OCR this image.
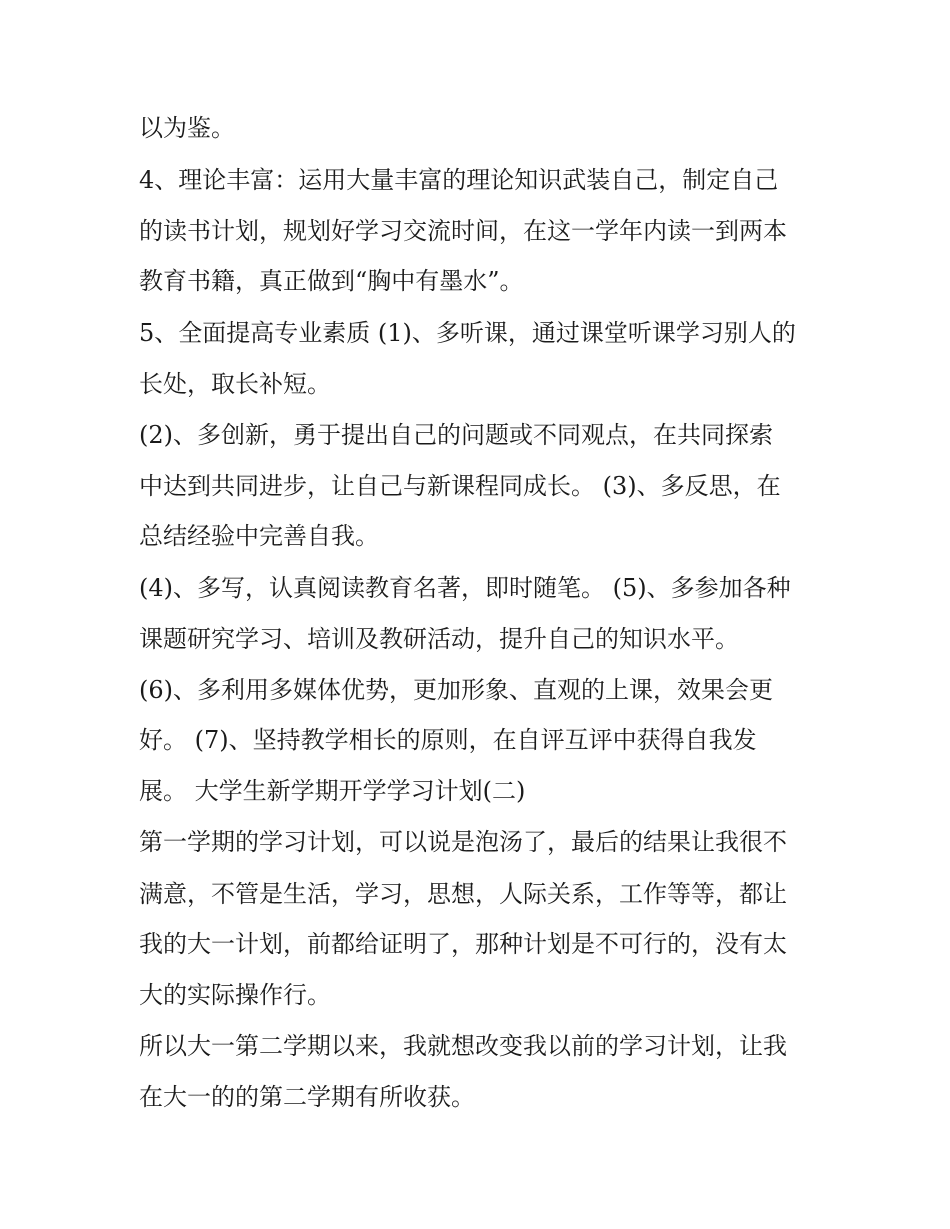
以为鉴。

4、理论丰富：运用大量丰富的理论知识武装自己，制定自己

的读书计划，规划好学习交流时间，在这一学年内读一到两本

教育书籍，真正做到“胸中有墨水”。

5、全面提高专业素质 (1)、多听课，通过课堂听课学习别人的

长处，取长补短。

(2)、多创新，勇于提出自己的问题或不同观点，在共同探索

中达到共同进步，让自己与新课程同成长。 (3)、多反思，在

总结经验中完善自我。

(4)、多写，认真阅读教育名著，即时随笔。 (5)、多参加各种

课题研究学习、培训及教研活动，提升自己的知识水平。

(6)、多利用多媒体优势，更加形象、直观的上课，效果会更

好。 (7)、坚持教学相长的原则，在自评互评中获得自我发

展。 大学生新学期开学学习计划(二)

第一学期的学习计划，可以说是泡汤了，最后的结果让我很不

满意，不管是生活，学习，思想，人际关系，工作等等，都让

我的大一计划，前都给证明了，那种计划是不可行的，没有太

大的实际操作行。

所以大一第二学期以来，我就想改变我以前的学习计划，让我

在大一的的第二学期有所收获。
